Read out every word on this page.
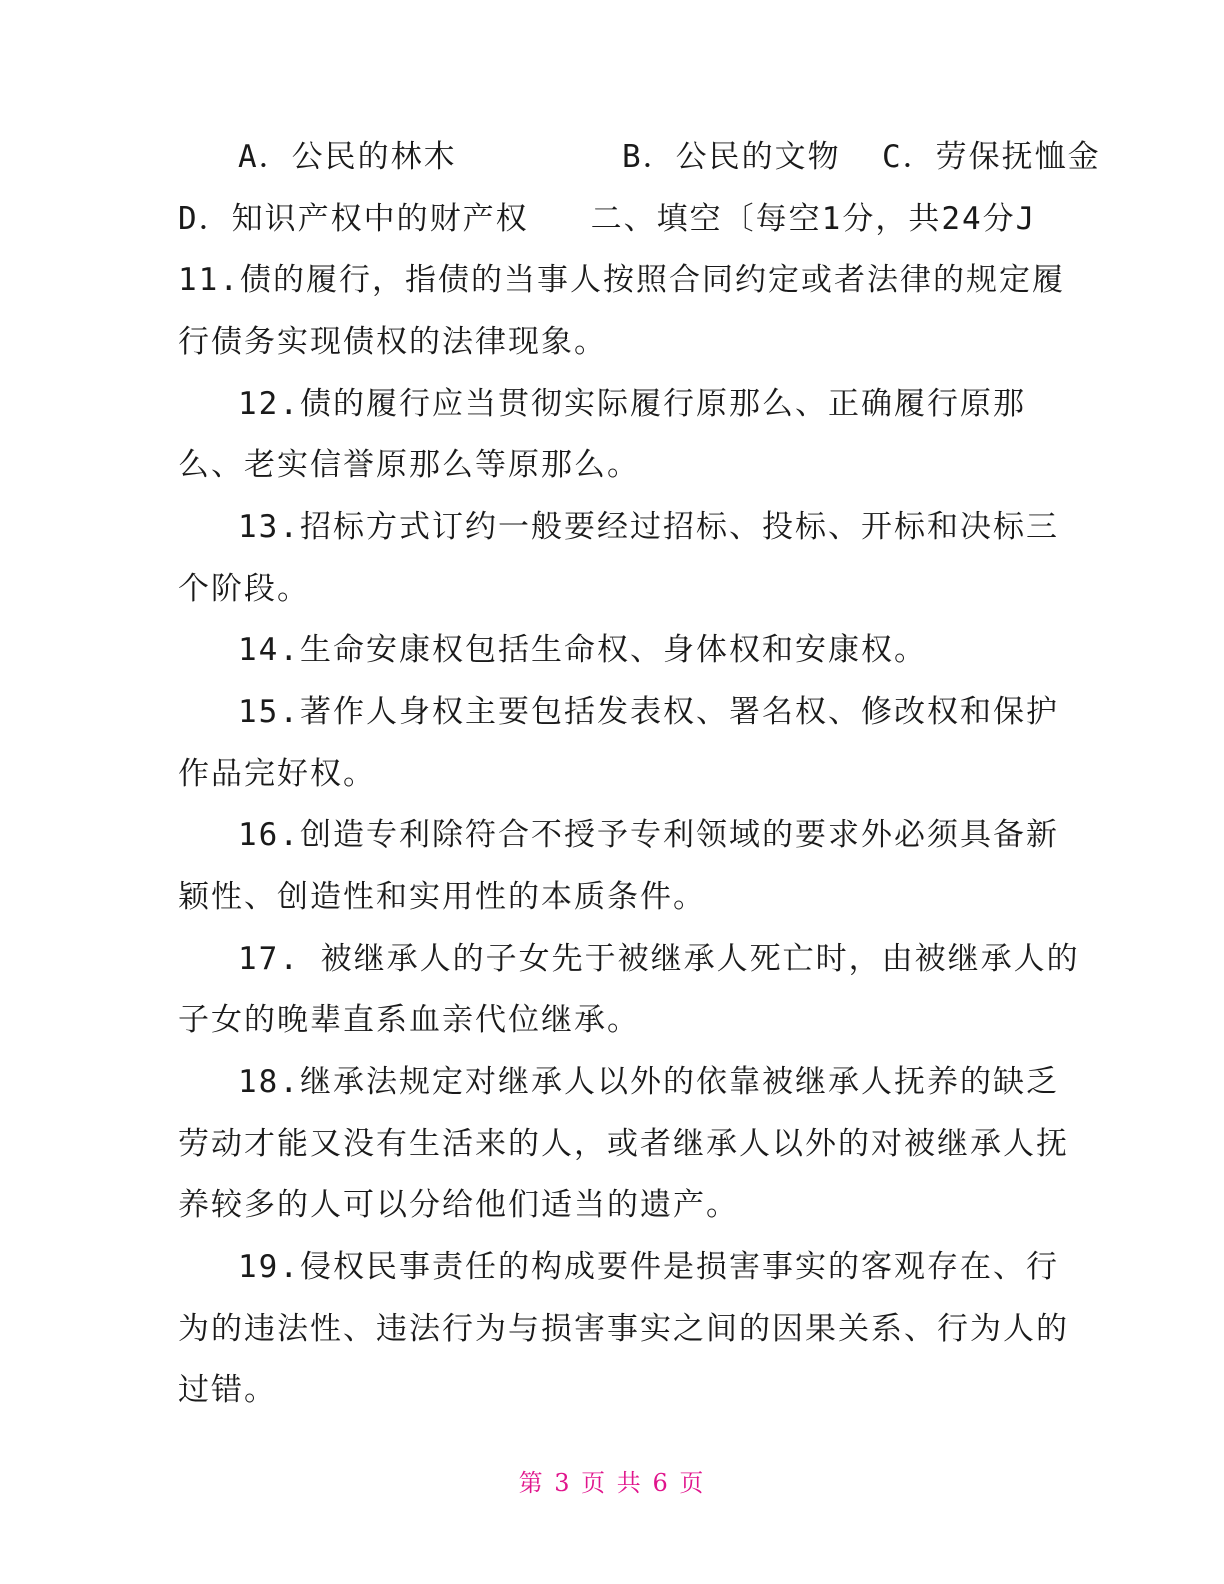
A．公民的林木        B．公民的文物  C．劳保抚恤金
D．知识产权中的财产权   二、填空〔每空1分，共24分J
11.债的履行，指债的当事人按照合同约定或者法律的规定履
行债务实现债权的法律现象。
12.债的履行应当贯彻实际履行原那么、正确履行原那
么、老实信誉原那么等原那么。
13.招标方式订约一般要经过招标、投标、开标和决标三
个阶段。
14.生命安康权包括生命权、身体权和安康权。
15.著作人身权主要包括发表权、署名权、修改权和保护
作品完好权。
16.创造专利除符合不授予专利领域的要求外必须具备新
颖性、创造性和实用性的本质条件。
17. 被继承人的子女先于被继承人死亡时，由被继承人的
子女的晚辈直系血亲代位继承。
18.继承法规定对继承人以外的依靠被继承人抚养的缺乏
劳动才能又没有生活来的人，或者继承人以外的对被继承人抚
养较多的人可以分给他们适当的遗产。
19.侵权民事责任的构成要件是损害事实的客观存在、行
为的违法性、违法行为与损害事实之间的因果关系、行为人的
过错。
第 3 页 共 6 页
